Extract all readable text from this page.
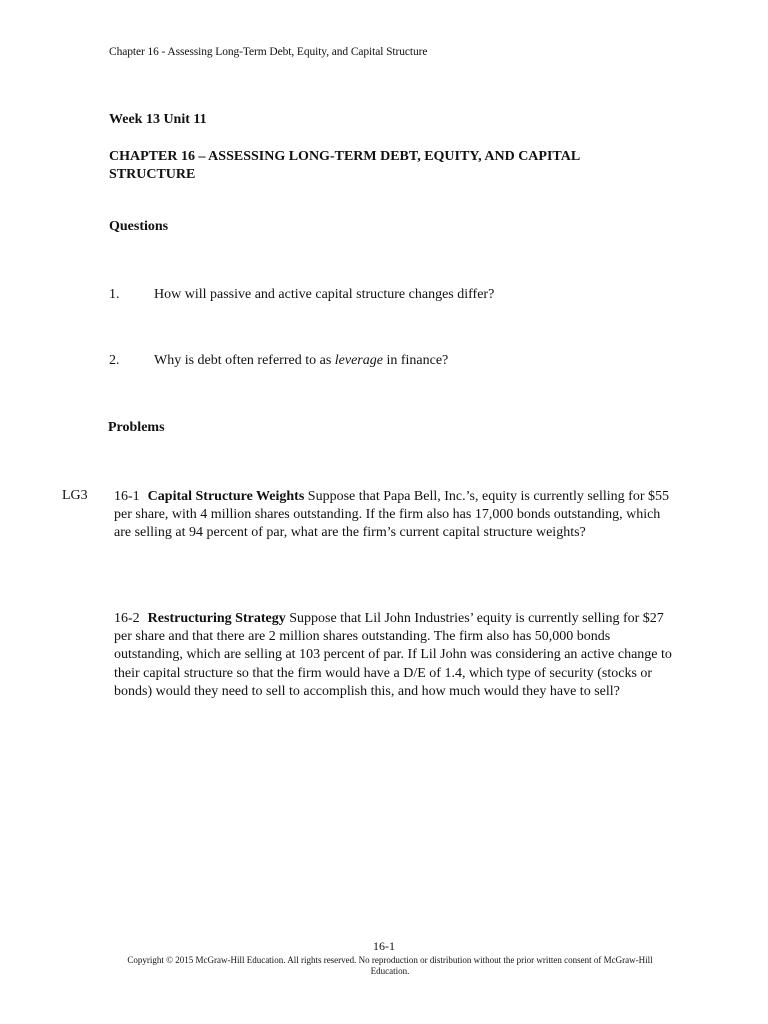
Chapter 16 - Assessing Long-Term Debt, Equity, and Capital Structure
Week 13 Unit 11
CHAPTER 16 – ASSESSING LONG-TERM DEBT, EQUITY, AND CAPITAL STRUCTURE
Questions
1. How will passive and active capital structure changes differ?
2. Why is debt often referred to as leverage in finance?
Problems
LG3 16-1 Capital Structure Weights Suppose that Papa Bell, Inc.’s, equity is currently selling for $55 per share, with 4 million shares outstanding. If the firm also has 17,000 bonds outstanding, which are selling at 94 percent of par, what are the firm’s current capital structure weights?
16-2 Restructuring Strategy Suppose that Lil John Industries’ equity is currently selling for $27 per share and that there are 2 million shares outstanding. The firm also has 50,000 bonds outstanding, which are selling at 103 percent of par. If Lil John was considering an active change to their capital structure so that the firm would have a D/E of 1.4, which type of security (stocks or bonds) would they need to sell to accomplish this, and how much would they have to sell?
16-1
Copyright © 2015 McGraw-Hill Education. All rights reserved. No reproduction or distribution without the prior written consent of McGraw-Hill Education.
